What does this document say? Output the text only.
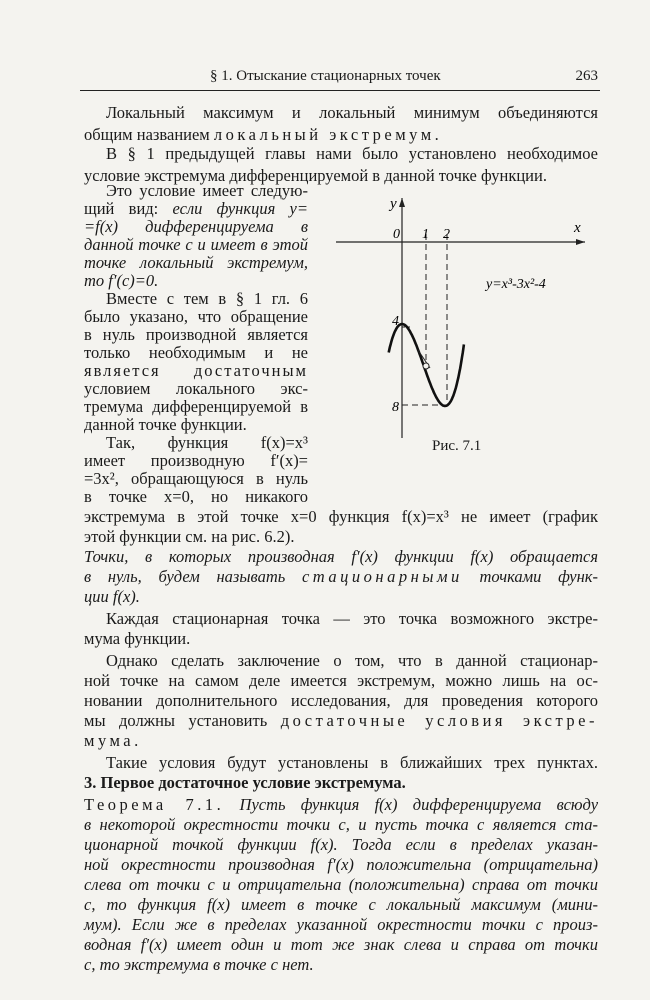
§ 1. Отыскание стационарных точек	263
Локальный максимум и локальный минимум объединяются
общим названием локальный экстремум.
В § 1 предыдущей главы нами было установлено необходимое
условие экстремума дифференцируемой в данной точке функции.
Это условие имеет следую-
щий вид: если функция y=
=f(x) дифференцируема в
данной точке c и имеет в этой
точке локальный экстремум,
то f′(c)=0.
Вместе с тем в § 1 гл. 6
было указано, что обращение
в нуль производной является
только необходимым и не
является достаточным
условием локального экс-
тремума дифференцируемой в
данной точке функции.
Так, функция f(x)=x³
имеет производную f′(x)=
=3x², обращающуюся в нуль
в точке x=0, но никакого
экстремума в этой точке x=0 функция f(x)=x³ не имеет (график
этой функции см. на рис. 6.2).
Точки, в которых производная f′(x) функции f(x) обращается
в нуль, будем называть стационарными точками функ-
ции f(x).
Каждая стационарная точка — это точка возможного экстре-
мума функции.
Однако сделать заключение о том, что в данной стационар-
ной точке на самом деле имеется экстремум, можно лишь на ос-
новании дополнительного исследования, для проведения которого
мы должны установить достаточные условия экстре-
мума.
Такие условия будут установлены в ближайших трех пунктах.
3. Первое достаточное условие экстремума.
Теорема 7.1. Пусть функция f(x) дифференцируема всюду
в некоторой окрестности точки c, и пусть точка c является ста-
ционарной точкой функции f(x). Тогда если в пределах указан-
ной окрестности производная f′(x) положительна (отрицательна)
слева от точки c и отрицательна (положительна) справа от точки
c, то функция f(x) имеет в точке c локальный максимум (мини-
мум). Если же в пределах указанной окрестности точки c произ-
водная f′(x) имеет один и тот же знак слева и справа от точки
c, то экстремума в точке c нет.
y
x
0 1 2
4
8
y=x³-3x²-4
Рис. 7.1
